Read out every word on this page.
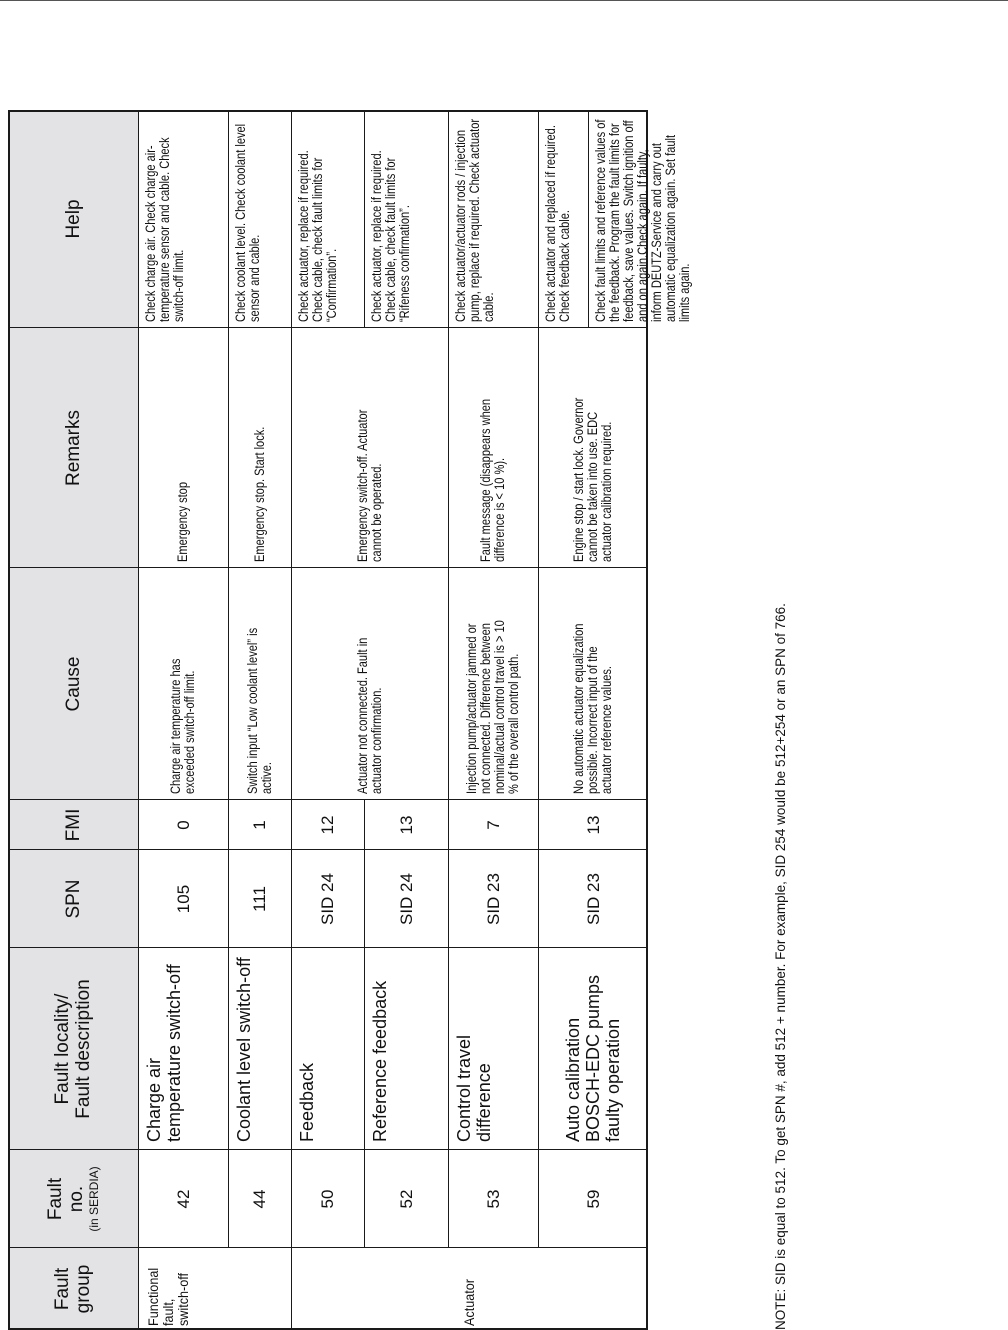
Fault group
Fault no. (in SERDIA)
Fault locality/ Fault description
SPN
FMI
Cause
Remarks
Help
Functional fault, switch-off	Actuator
42
Charge air temperature switch-off
105
0
Charge air temperature has exceeded switch-off limit.
Emergency stop
Check charge air. Check charge air-temperature sensor and cable. Check switch-off limit.
44
Coolant level switch-off
111
1
Switch input “Low coolant level” is active.
Emergency stop. Start lock.
Check coolant level. Check coolant level sensor and cable.
50
Feedback
SID 24
12
Check actuator, replace if required. Check cable, check fault limits for “Confirmation”.
52
Reference feedback
SID 24
13
Check actuator, replace if required. Check cable, check fault limits for “Rifeness confirmation”.
53
Control travel difference
SID 23
7
Injection pump/actuator jammed or not connected. Difference between nominal/actual control travel is > 10 % of the overall control path.
Fault message (disappears when difference is < 10 %).
Check actuator/actuator rods / injection pump, replace if required. Check actuator cable.
59
Auto calibration BOSCH-EDC pumps faulty operation
SID 23
13
No automatic actuator equalization possible. Incorrect input of the actuator reference values.
Engine stop / start lock. Governor cannot be taken into use. EDC actuator calibration required.
Check actuator and replaced if required. Check feedback cable. Check fault limits and reference values of the feedback. Program the fault limits for feedback, save values. Switch ignition off and on again.Check again. If faulty, inform DEUTZ-Service and carry out automatic equalization again. Set fault limits again.
Actuator not connected. Fault in actuator confirmation.
Emergency switch-off. Actuator cannot be operated.
NOTE: SID is equal to 512. To get SPN #, add 512 + number. For example, SID 254 would be 512+254 or an SPN of 766.
